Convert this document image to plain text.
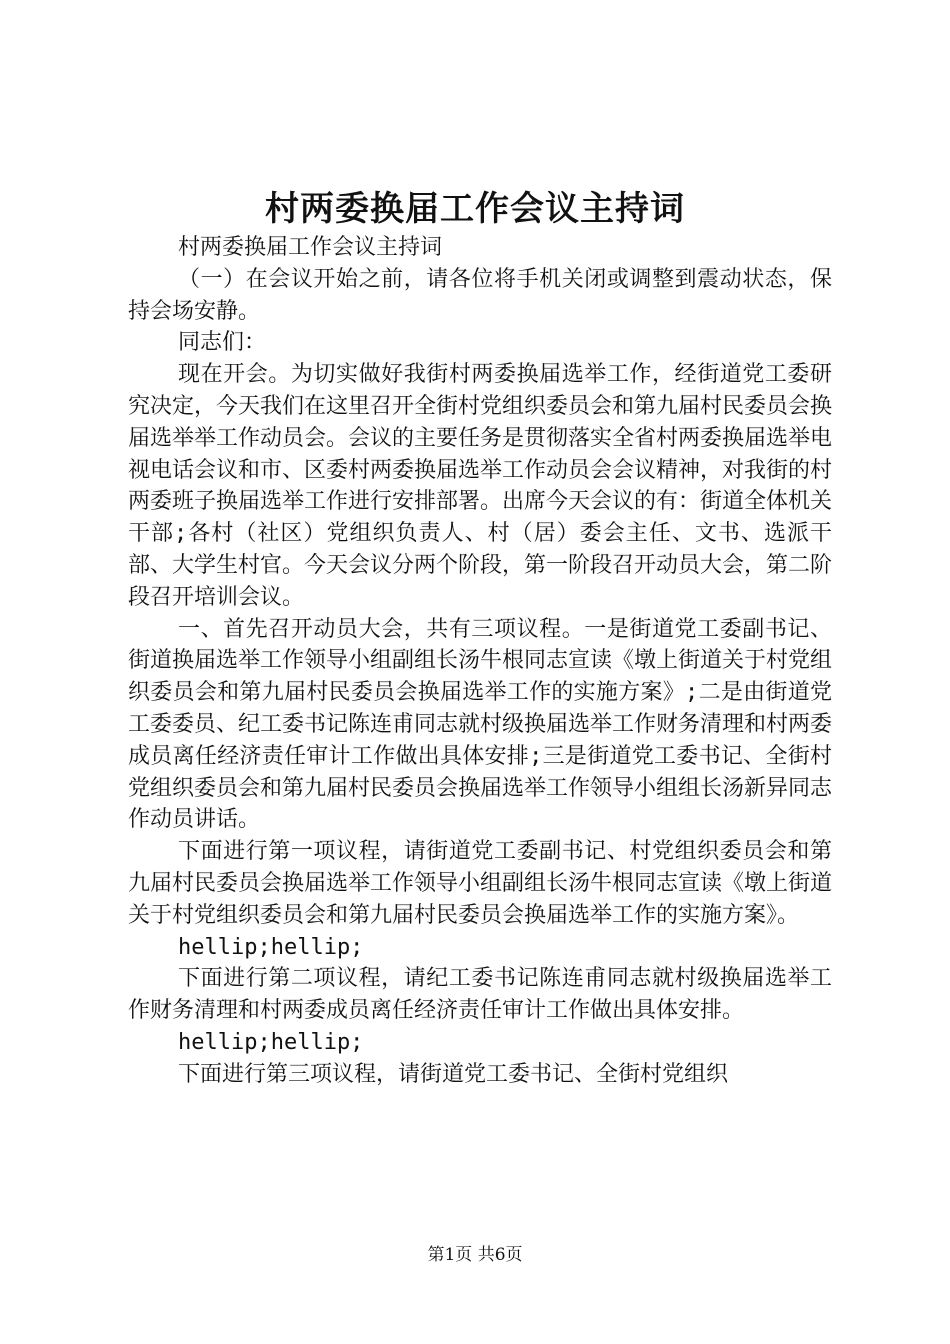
村两委换届工作会议主持词

村两委换届工作会议主持词

（一）在会议开始之前，请各位将手机关闭或调整到震动状态，保持会场安静。

同志们：

现在开会。为切实做好我街村两委换届选举工作，经街道党工委研究决定，今天我们在这里召开全街村党组织委员会和第九届村民委员会换届选举举工作动员会。会议的主要任务是贯彻落实全省村两委换届选举电视电话会议和市、区委村两委换届选举工作动员会会议精神，对我街的村两委班子换届选举工作进行安排部署。出席今天会议的有：街道全体机关干部;各村（社区）党组织负责人、村（居）委会主任、文书、选派干部、大学生村官。今天会议分两个阶段，第一阶段召开动员大会，第二阶段召开培训会议。

一、首先召开动员大会，共有三项议程。一是街道党工委副书记、街道换届选举工作领导小组副组长汤牛根同志宣读《墩上街道关于村党组织委员会和第九届村民委员会换届选举工作的实施方案》;二是由街道党工委委员、纪工委书记陈连甫同志就村级换届选举工作财务清理和村两委成员离任经济责任审计工作做出具体安排;三是街道党工委书记、全街村党组织委员会和第九届村民委员会换届选举工作领导小组组长汤新异同志作动员讲话。

下面进行第一项议程，请街道党工委副书记、村党组织委员会和第九届村民委员会换届选举工作领导小组副组长汤牛根同志宣读《墩上街道关于村党组织委员会和第九届村民委员会换届选举工作的实施方案》。

hellip;hellip;

下面进行第二项议程，请纪工委书记陈连甫同志就村级换届选举工作财务清理和村两委成员离任经济责任审计工作做出具体安排。

hellip;hellip;

下面进行第三项议程，请街道党工委书记、全街村党组织

第1页 共6页
